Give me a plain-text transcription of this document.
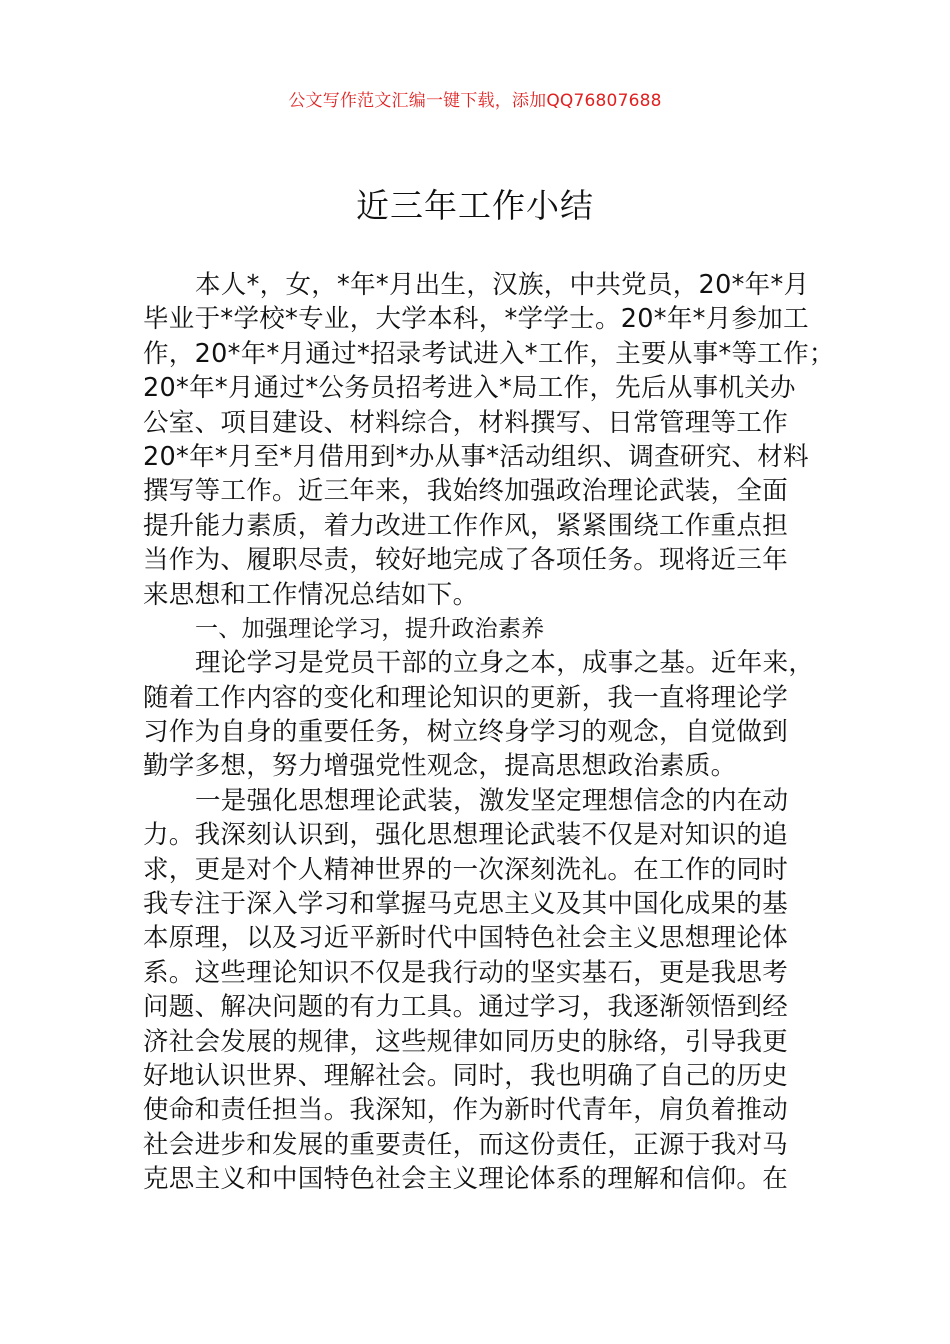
公文写作范文汇编一键下载，添加QQ76807688
近三年工作小结
本人*，女，*年*月出生，汉族，中共党员，20*年*月
毕业于*学校*专业，大学本科，*学学士。20*年*月参加工
作，20*年*月通过*招录考试进入*工作，主要从事*等工作；
20*年*月通过*公务员招考进入*局工作，先后从事机关办
公室、项目建设、材料综合，材料撰写、日常管理等工作
20*年*月至*月借用到*办从事*活动组织、调查研究、材料
撰写等工作。近三年来，我始终加强政治理论武装，全面
提升能力素质，着力改进工作作风，紧紧围绕工作重点担
当作为、履职尽责，较好地完成了各项任务。现将近三年
来思想和工作情况总结如下。
一、加强理论学习，提升政治素养
理论学习是党员干部的立身之本，成事之基。近年来，
随着工作内容的变化和理论知识的更新，我一直将理论学
习作为自身的重要任务，树立终身学习的观念，自觉做到
勤学多想，努力增强党性观念，提高思想政治素质。
一是强化思想理论武装，激发坚定理想信念的内在动
力。我深刻认识到，强化思想理论武装不仅是对知识的追
求，更是对个人精神世界的一次深刻洗礼。在工作的同时
我专注于深入学习和掌握马克思主义及其中国化成果的基
本原理，以及习近平新时代中国特色社会主义思想理论体
系。这些理论知识不仅是我行动的坚实基石，更是我思考
问题、解决问题的有力工具。通过学习，我逐渐领悟到经
济社会发展的规律，这些规律如同历史的脉络，引导我更
好地认识世界、理解社会。同时，我也明确了自己的历史
使命和责任担当。我深知，作为新时代青年，肩负着推动
社会进步和发展的重要责任，而这份责任，正源于我对马
克思主义和中国特色社会主义理论体系的理解和信仰。在
